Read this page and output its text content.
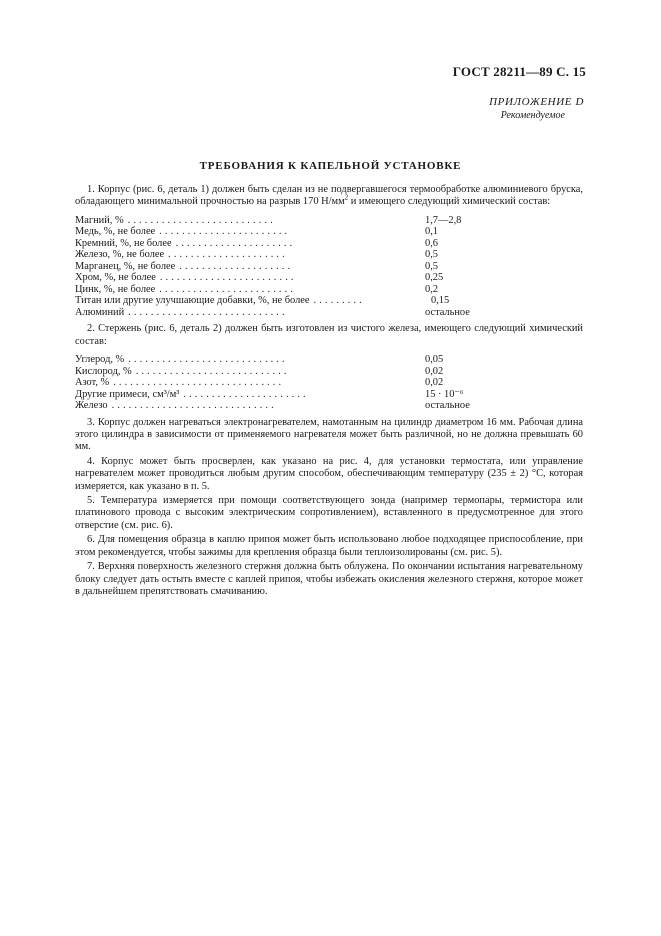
ГОСТ 28211—89 С. 15
ПРИЛОЖЕНИЕ D
Рекомендуемое
ТРЕБОВАНИЯ К КАПЕЛЬНОЙ УСТАНОВКЕ

1. Корпус (рис. 6, деталь 1) должен быть сделан из не подвергавшегося термообработке алюминиевого бруска, обладающего минимальной прочностью на разрыв 170 $Н/мм^2$ и имеющего следующий химический состав:

Магний, % ..........................	1,7—2,8
Медь, %, не более .......................	0,1
Кремний, %, не более .....................	0,6
Железо, %, не более .....................	0,5
Марганец, %, не более ....................	0,5
Хром, %, не более ........................	0,25
Цинк, %, не более ........................	0,2
Титан или другие улучшающие добавки, %, не более .........	0,15
Алюминий ............................	остальное

2. Стержень (рис. 6, деталь 2) должен быть изготовлен из чистого железа, имеющего следующий химический состав:

Углерод, % ............................	0,05
Кислород, % ...........................	0,02
Азот, % ..............................	0,02
Другие примеси, см³/м³ ......................	15 · 10⁻⁶
Железо .............................	остальное

3. Корпус должен нагреваться электронагревателем, намотанным на цилиндр диаметром 16 мм. Рабочая длина этого цилиндра в зависимости от применяемого нагревателя может быть различной, но не должна превышать 60 мм.

4. Корпус может быть просверлен, как указано на рис. 4, для установки термостата, или управление нагревателем может проводиться любым другим способом, обеспечивающим температуру (235 ± 2) °С, которая измеряется, как указано в п. 5.

5. Температура измеряется при помощи соответствующего зонда (например термопары, термистора или платинового провода с высоким электрическим сопротивлением), вставленного в предусмотренное для этого отверстие (см. рис. 6).

6. Для помещения образца в каплю припоя может быть использовано любое подходящее приспособление, при этом рекомендуется, чтобы зажимы для крепления образца были теплоизолированы (см. рис. 5).

7. Верхняя поверхность железного стержня должна быть облужена. По окончании испытания нагревательному блоку следует дать остыть вместе с каплей припоя, чтобы избежать окисления железного стержня, которое может в дальнейшем препятствовать смачиванию.
